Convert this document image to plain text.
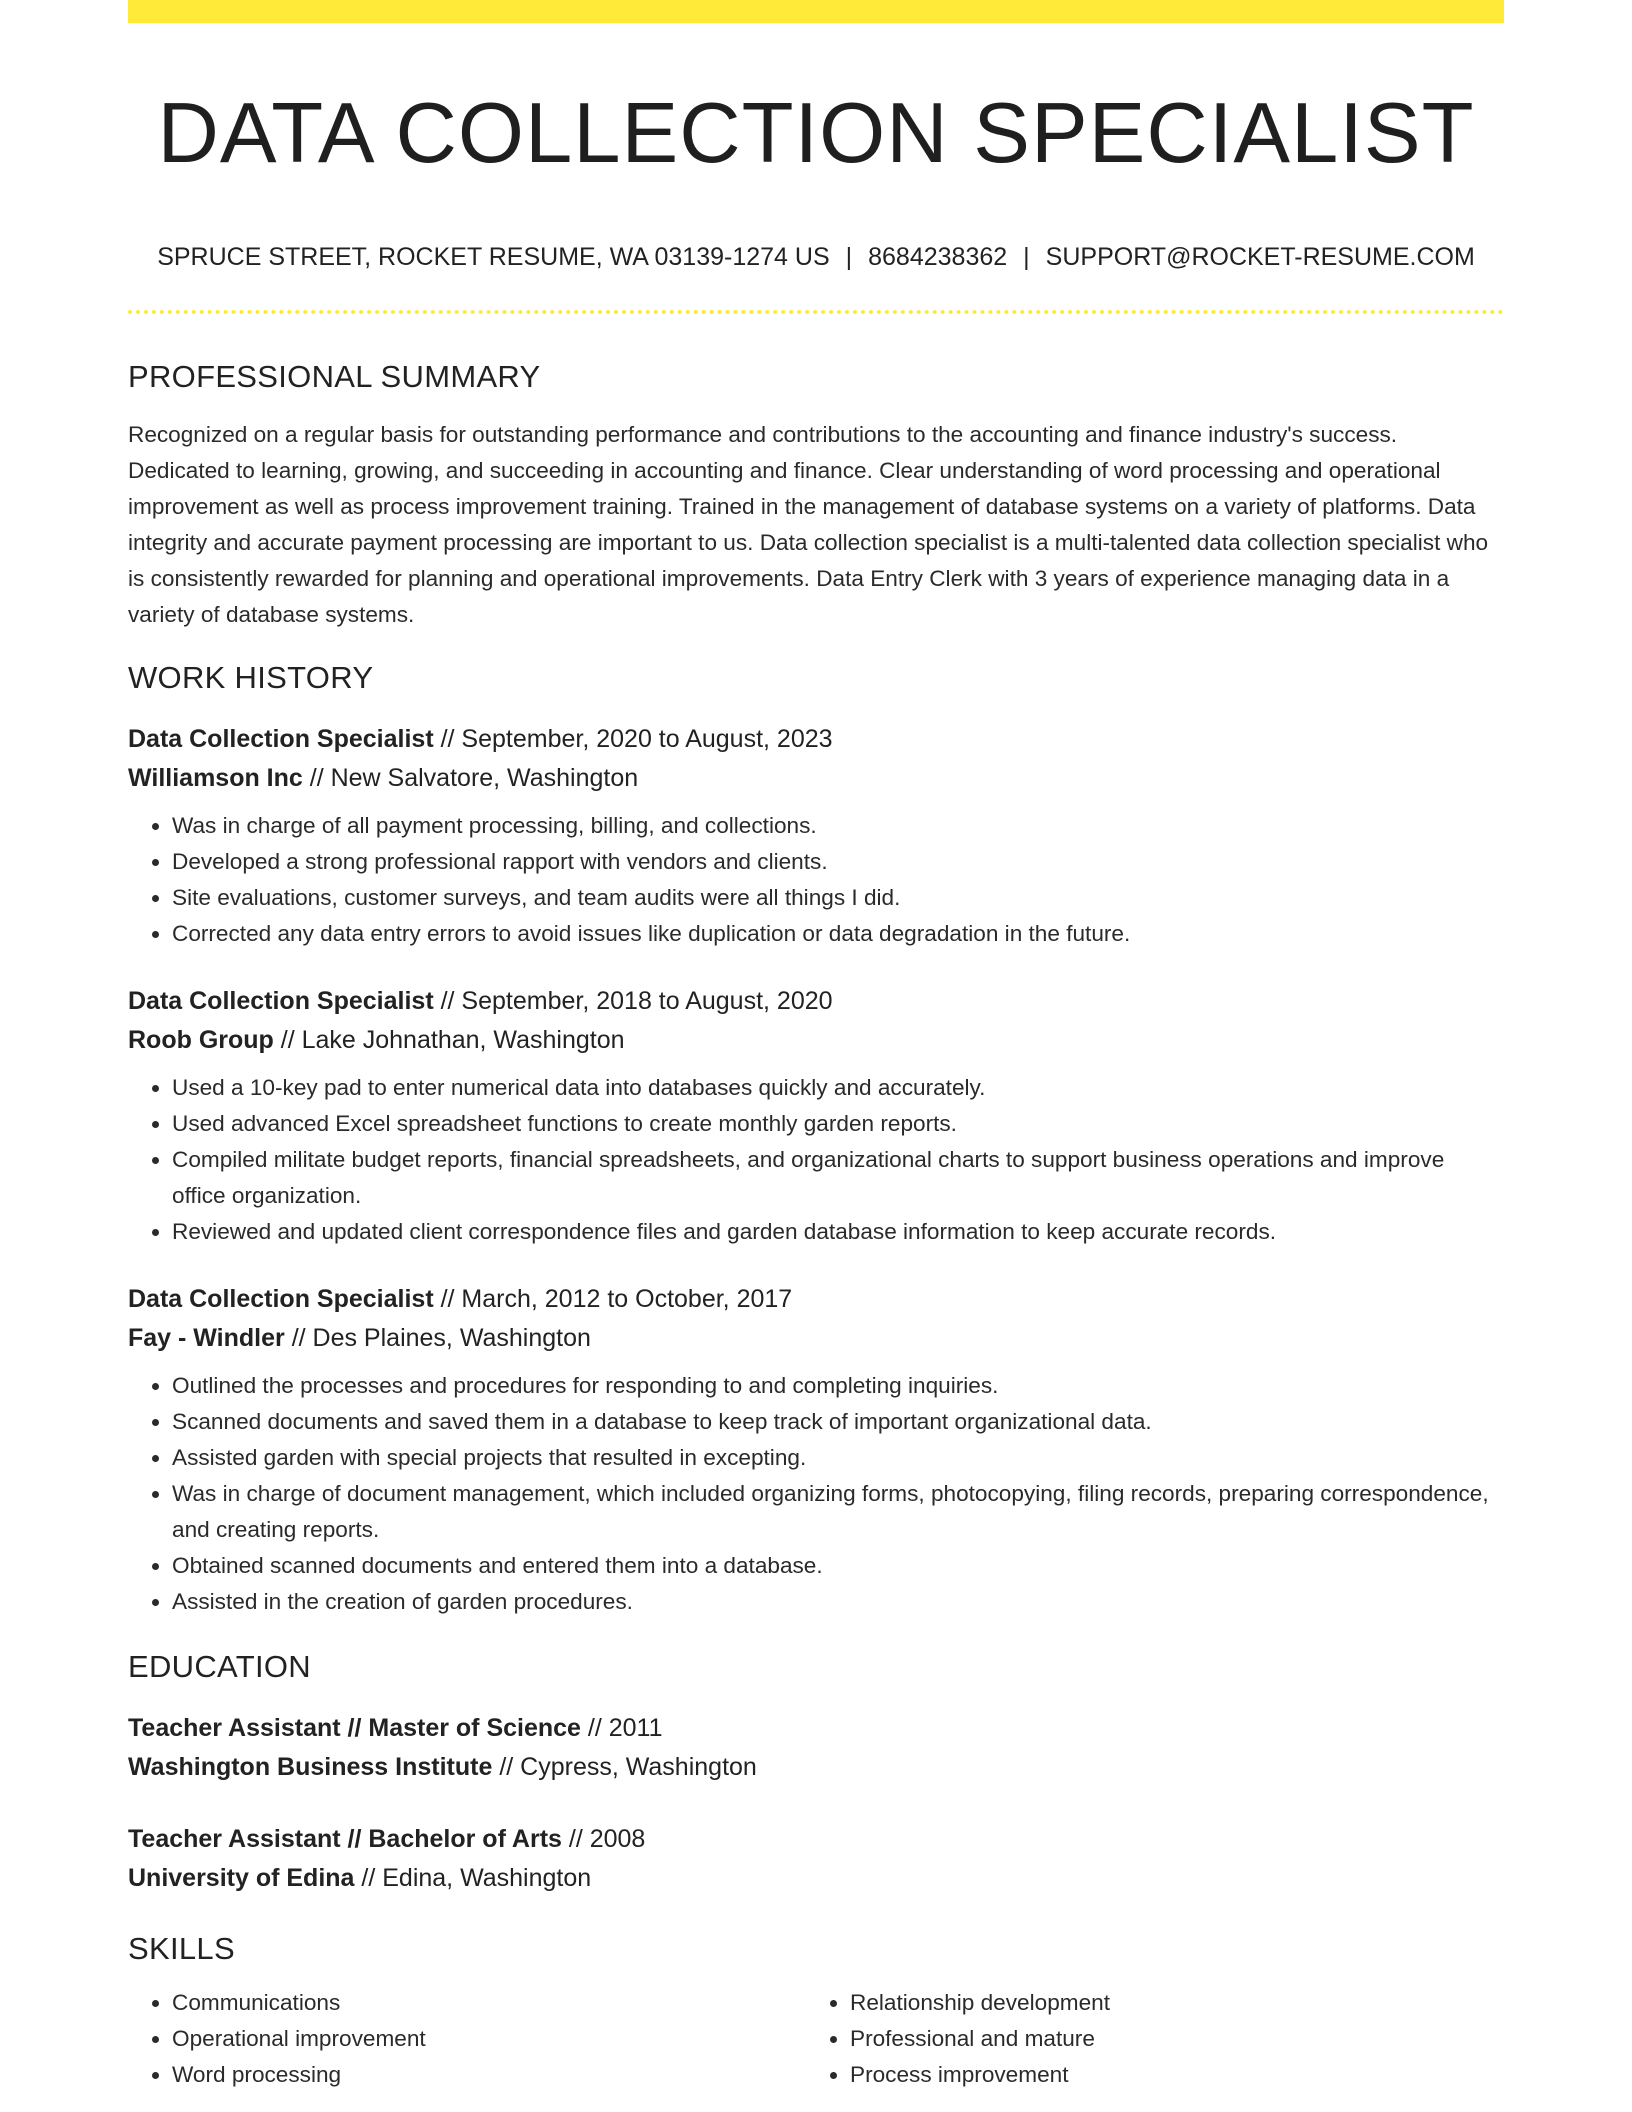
DATA COLLECTION SPECIALIST
SPRUCE STREET, ROCKET RESUME, WA 03139-1274 US | 8684238362 | SUPPORT@ROCKET-RESUME.COM
PROFESSIONAL SUMMARY
Recognized on a regular basis for outstanding performance and contributions to the accounting and finance industry's success. Dedicated to learning, growing, and succeeding in accounting and finance. Clear understanding of word processing and operational improvement as well as process improvement training. Trained in the management of database systems on a variety of platforms. Data integrity and accurate payment processing are important to us. Data collection specialist is a multi-talented data collection specialist who is consistently rewarded for planning and operational improvements. Data Entry Clerk with 3 years of experience managing data in a variety of database systems.
WORK HISTORY
Data Collection Specialist // September, 2020 to August, 2023
Williamson Inc // New Salvatore, Washington
• Was in charge of all payment processing, billing, and collections.
• Developed a strong professional rapport with vendors and clients.
• Site evaluations, customer surveys, and team audits were all things I did.
• Corrected any data entry errors to avoid issues like duplication or data degradation in the future.
Data Collection Specialist // September, 2018 to August, 2020
Roob Group // Lake Johnathan, Washington
• Used a 10-key pad to enter numerical data into databases quickly and accurately.
• Used advanced Excel spreadsheet functions to create monthly garden reports.
• Compiled militate budget reports, financial spreadsheets, and organizational charts to support business operations and improve office organization.
• Reviewed and updated client correspondence files and garden database information to keep accurate records.
Data Collection Specialist // March, 2012 to October, 2017
Fay - Windler // Des Plaines, Washington
• Outlined the processes and procedures for responding to and completing inquiries.
• Scanned documents and saved them in a database to keep track of important organizational data.
• Assisted garden with special projects that resulted in excepting.
• Was in charge of document management, which included organizing forms, photocopying, filing records, preparing correspondence, and creating reports.
• Obtained scanned documents and entered them into a database.
• Assisted in the creation of garden procedures.
EDUCATION
Teacher Assistant // Master of Science // 2011
Washington Business Institute // Cypress, Washington
Teacher Assistant // Bachelor of Arts // 2008
University of Edina // Edina, Washington
SKILLS
• Communications
• Operational improvement
• Word processing
• Relationship development
• Professional and mature
• Process improvement
